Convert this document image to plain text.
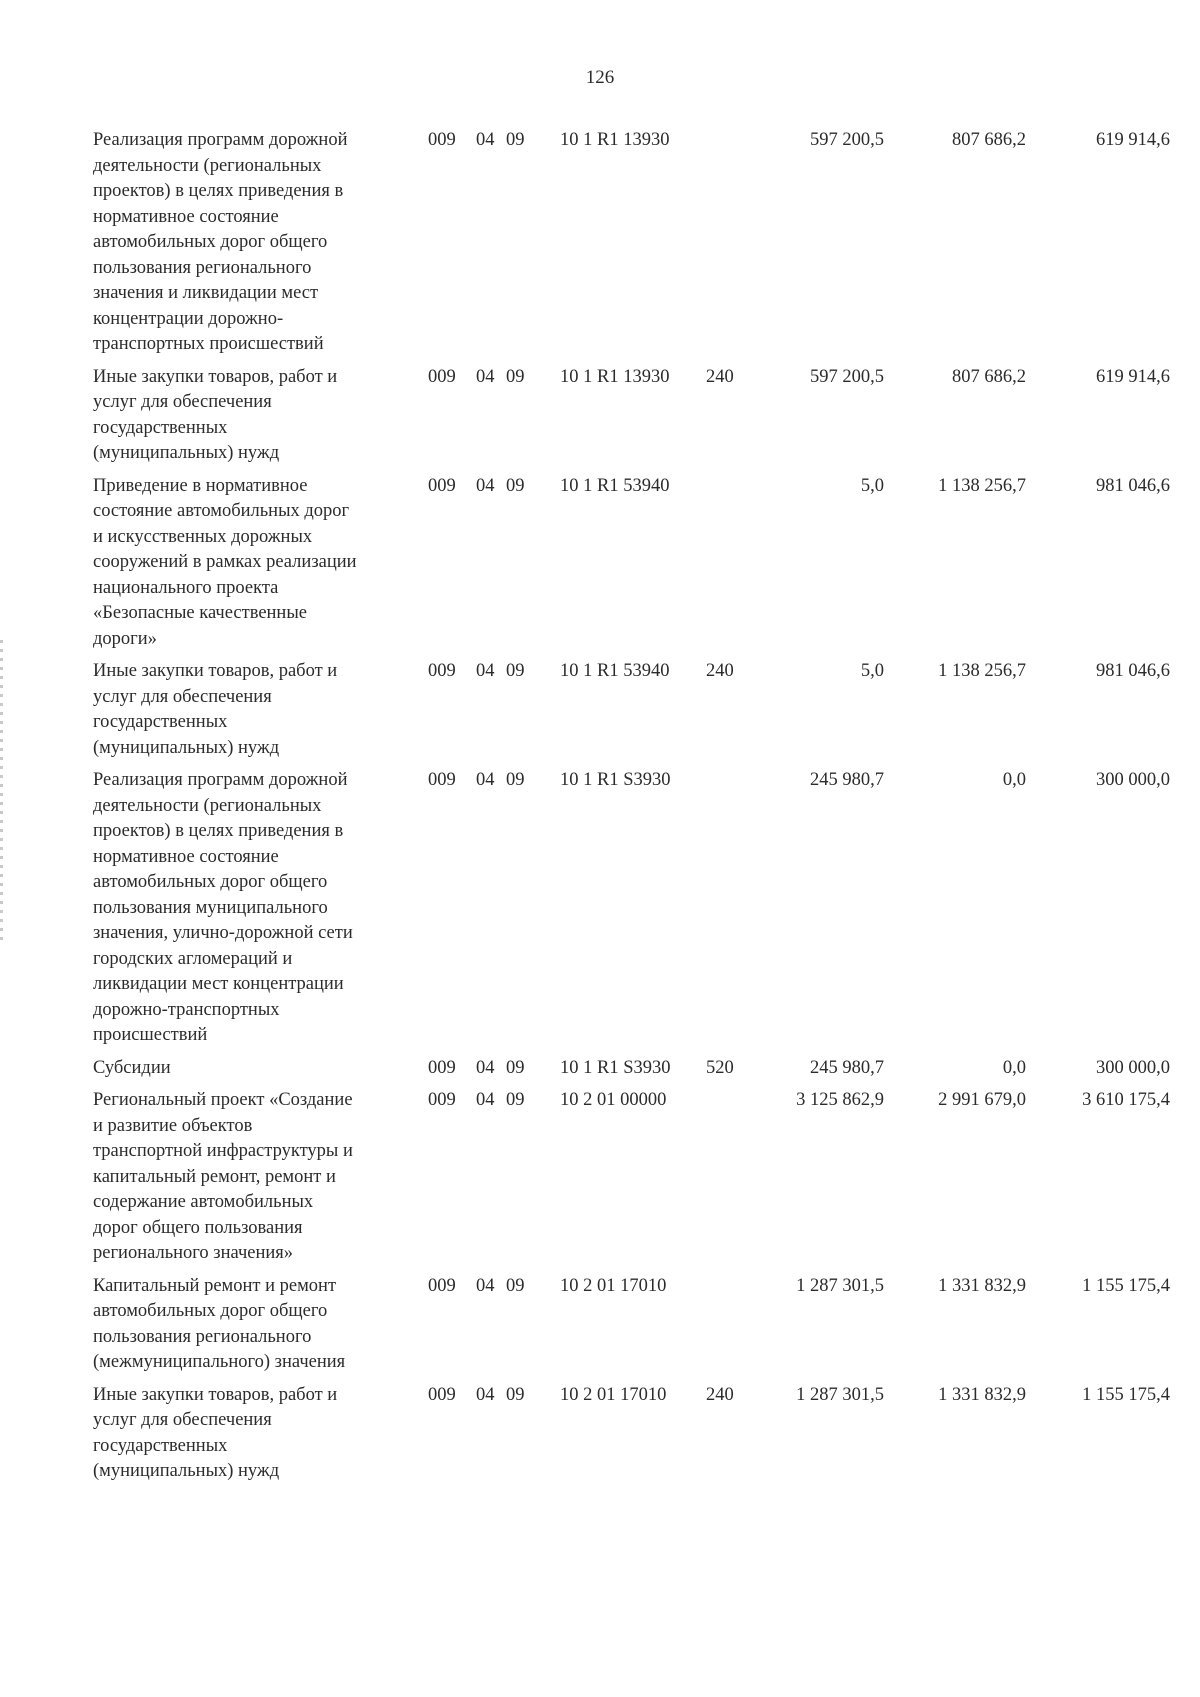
126
Реализация программ дорожной
деятельности (региональных
проектов) в целях приведения в
нормативное состояние
автомобильных дорог общего
пользования регионального
значения и ликвидации мест
концентрации дорожно-
транспортных происшествий
009 04 09 10 1 R1 13930	597 200,5	807 686,2	619 914,6
Иные закупки товаров, работ и
услуг для обеспечения
государственных
(муниципальных) нужд
009 04 09 10 1 R1 13930 240	597 200,5	807 686,2	619 914,6
Приведение в нормативное
состояние автомобильных дорог
и искусственных дорожных
сооружений в рамках реализации
национального проекта
«Безопасные качественные
дороги»
009 04 09 10 1 R1 53940	5,0	1 138 256,7	981 046,6
Иные закупки товаров, работ и
услуг для обеспечения
государственных
(муниципальных) нужд
009 04 09 10 1 R1 53940 240	5,0	1 138 256,7	981 046,6
Реализация программ дорожной
деятельности (региональных
проектов) в целях приведения в
нормативное состояние
автомобильных дорог общего
пользования муниципального
значения, улично-дорожной сети
городских агломераций и
ликвидации мест концентрации
дорожно-транспортных
происшествий
009 04 09 10 1 R1 S3930	245 980,7	0,0	300 000,0
Субсидии	009 04 09 10 1 R1 S3930 520	245 980,7	0,0	300 000,0
Региональный проект «Создание
и развитие объектов
транспортной инфраструктуры и
капитальный ремонт, ремонт и
содержание автомобильных
дорог общего пользования
регионального значения»
009 04 09 10 2 01 00000	3 125 862,9	2 991 679,0	3 610 175,4
Капитальный ремонт и ремонт
автомобильных дорог общего
пользования регионального
(межмуниципального) значения
009 04 09 10 2 01 17010	1 287 301,5	1 331 832,9	1 155 175,4
Иные закупки товаров, работ и
услуг для обеспечения
государственных
(муниципальных) нужд
009 04 09 10 2 01 17010 240	1 287 301,5	1 331 832,9	1 155 175,4
